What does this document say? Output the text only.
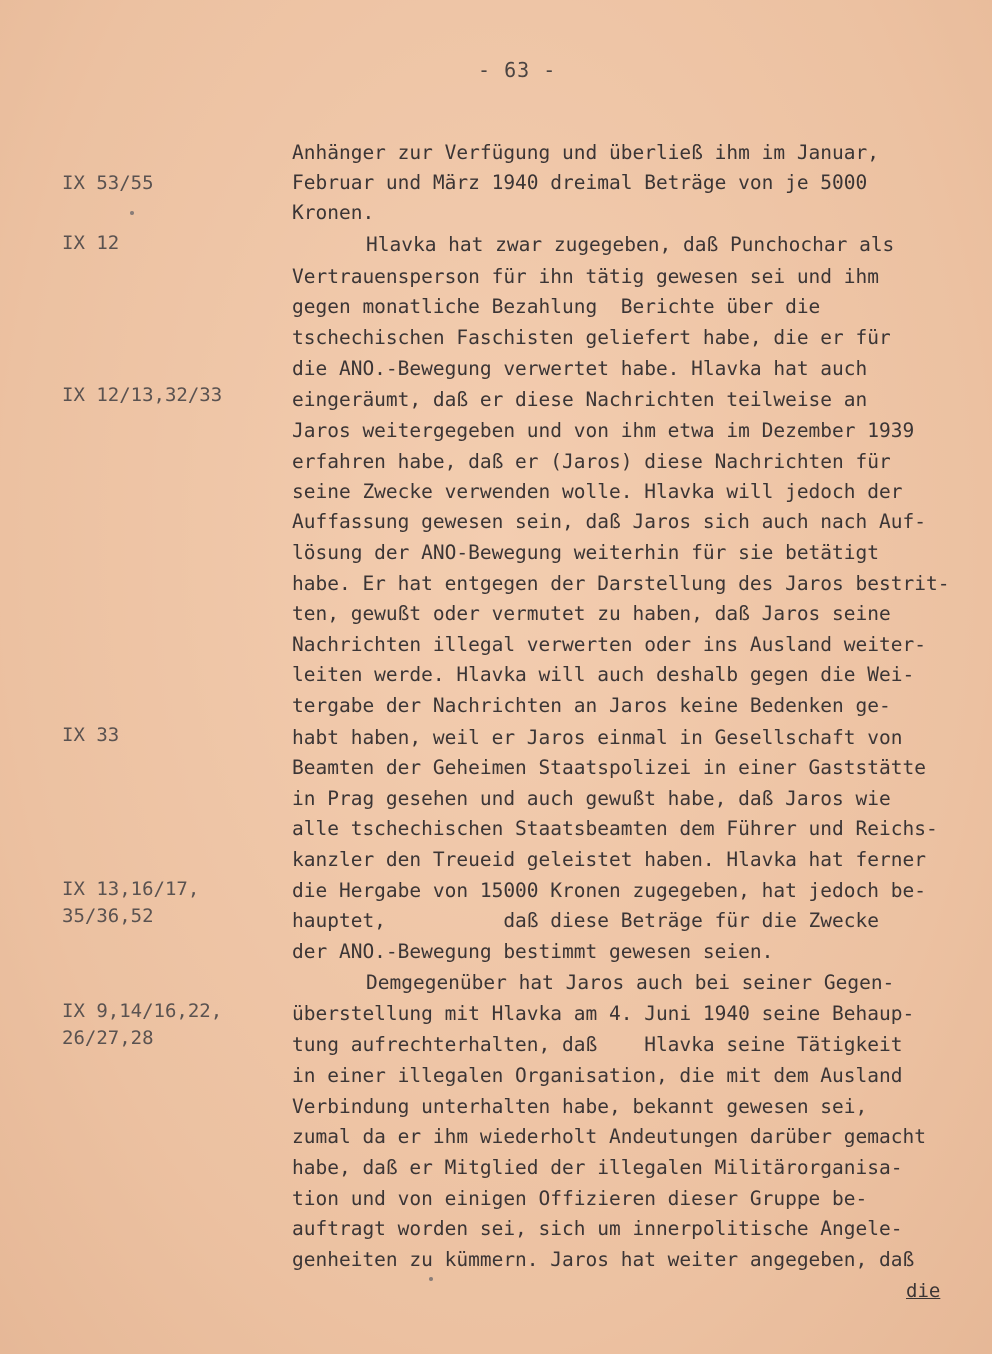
- 63 -
IX 53/55
IX 12
IX 12/13,32/33
IX 33
IX 13,16/17,
35/36,52
IX 9,14/16,22,
26/27,28
Anhänger zur Verfügung und überließ ihm im Januar,
Februar und März 1940 dreimal Beträge von je 5000
Kronen.
Hlavka hat zwar zugegeben, daß Punchochar als
Vertrauensperson für ihn tätig gewesen sei und ihm
gegen monatliche Bezahlung  Berichte über die
tschechischen Faschisten geliefert habe, die er für
die ANO.-Bewegung verwertet habe. Hlavka hat auch
eingeräumt, daß er diese Nachrichten teilweise an
Jaros weitergegeben und von ihm etwa im Dezember 1939
erfahren habe, daß er (Jaros) diese Nachrichten für
seine Zwecke verwenden wolle. Hlavka will jedoch der
Auffassung gewesen sein, daß Jaros sich auch nach Auf-
lösung der ANO-Bewegung weiterhin für sie betätigt
habe. Er hat entgegen der Darstellung des Jaros bestrit-
ten, gewußt oder vermutet zu haben, daß Jaros seine
Nachrichten illegal verwerten oder ins Ausland weiter-
leiten werde. Hlavka will auch deshalb gegen die Wei-
tergabe der Nachrichten an Jaros keine Bedenken ge-
habt haben, weil er Jaros einmal in Gesellschaft von
Beamten der Geheimen Staatspolizei in einer Gaststätte
in Prag gesehen und auch gewußt habe, daß Jaros wie
alle tschechischen Staatsbeamten dem Führer und Reichs-
kanzler den Treueid geleistet haben. Hlavka hat ferner
die Hergabe von 15000 Kronen zugegeben, hat jedoch be-
hauptet,          daß diese Beträge für die Zwecke
der ANO.-Bewegung bestimmt gewesen seien.
Demgegenüber hat Jaros auch bei seiner Gegen-
überstellung mit Hlavka am 4. Juni 1940 seine Behaup-
tung aufrechterhalten, daß    Hlavka seine Tätigkeit
in einer illegalen Organisation, die mit dem Ausland
Verbindung unterhalten habe, bekannt gewesen sei,
zumal da er ihm wiederholt Andeutungen darüber gemacht
habe, daß er Mitglied der illegalen Militärorganisa-
tion und von einigen Offizieren dieser Gruppe be-
auftragt worden sei, sich um innerpolitische Angele-
genheiten zu kümmern. Jaros hat weiter angegeben, daß
die
